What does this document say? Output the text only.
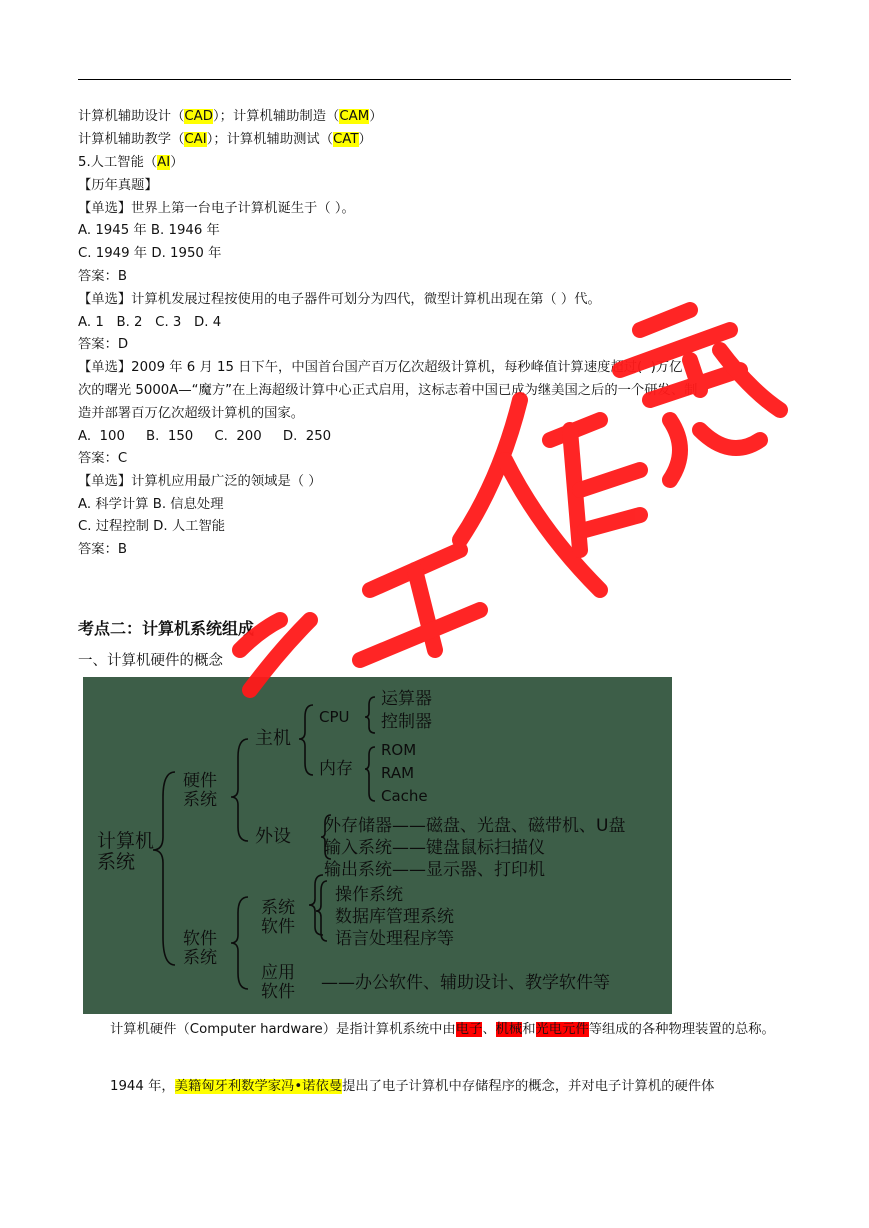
计算机辅助设计（CAD）；计算机辅助制造（CAM）
计算机辅助教学（CAI）；计算机辅助测试（CAT）
5.人工智能（AI）
【历年真题】
【单选】世界上第一台电子计算机诞生于（ ）。
A. 1945 年 B. 1946 年
C. 1949 年 D. 1950 年
答案：B
【单选】计算机发展过程按使用的电子器件可划分为四代，微型计算机出现在第（ ）代。
A. 1   B. 2   C. 3   D. 4
答案：D
【单选】2009 年 6 月 15 日下午，中国首台国产百万亿次超级计算机，每秒峰值计算速度超过(  )万亿
次的曙光 5000A—“魔方”在上海超级计算中心正式启用，这标志着中国已成为继美国之后的一个研发、制
造并部署百万亿次超级计算机的国家。
A.  100     B.  150     C.  200     D.  250
答案：C
【单选】计算机应用最广泛的领域是（ ）
A. 科学计算 B. 信息处理
C. 过程控制 D. 人工智能
答案：B
考点二：计算机系统组成
一、计算机硬件的概念
计算机
系统
硬件
系统
软件
系统
主机
CPU
运算器
控制器
内存
ROM
RAM
Cache
外设 外存储器——磁盘、光盘、磁带机、U盘
输入系统——键盘鼠标扫描仪
输出系统——显示器、打印机
系统
软件
操作系统
数据库管理系统
语言处理程序等
应用
软件 ——办公软件、辅助设计、教学软件等
计算机硬件（Computer hardware）是指计算机系统中由电子、机械和光电元件等组成的各种物理装置的总称。
1944 年，美籍匈牙利数学家冯•诺依曼提出了电子计算机中存储程序的概念，并对电子计算机的硬件体
